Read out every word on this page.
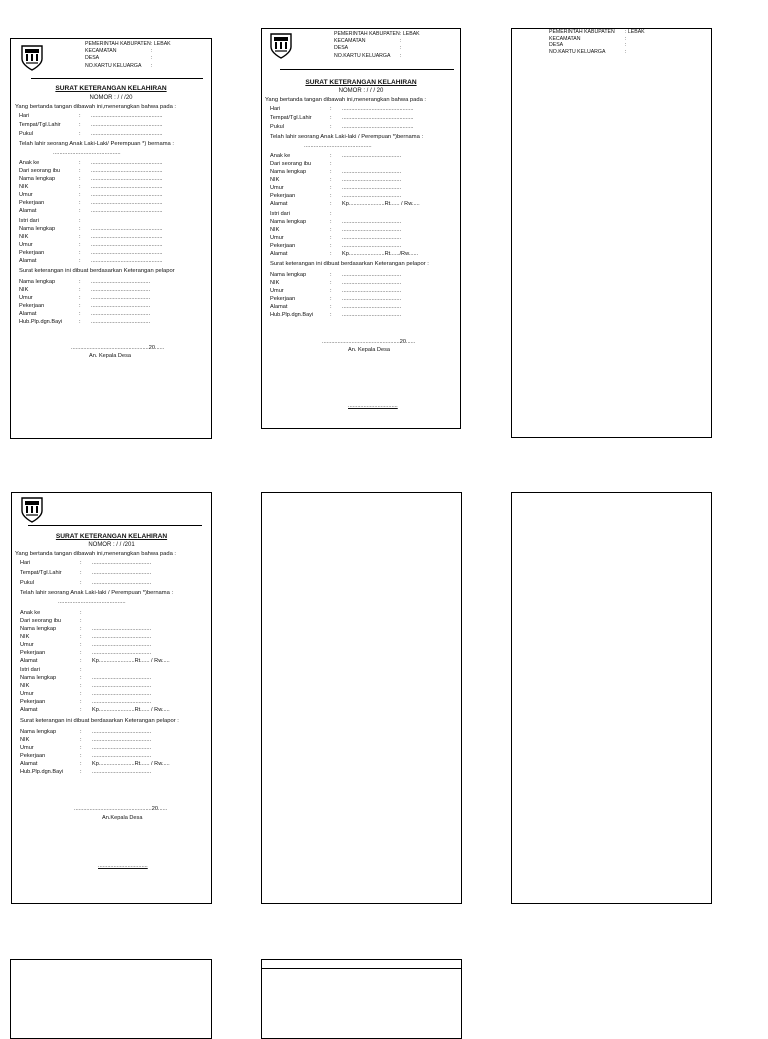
PEMERINTAH KABUPATEN : LEBAK
KECAMATAN	:
DESA	:
NO.KARTU KELUARGA	:
SURAT KETERANGAN KELAHIRAN
NOMOR : / / /20
Yang bertanda tangan dibawah ini,menerangkan bahwa pada :
Hari	:	..............................................
Tempat/Tgl.Lahir	:	..............................................
Pukul	:	..............................................
Telah lahir seorang Anak Laki-Laki/ Perempuan *) bernama :
..........................................
Anak ke	:	..............................................
Dari seorang ibu	:	..............................................
Nama lengkap	:	..............................................
NIK	:	..............................................
Umur	:	..............................................
Pekerjaan	:	..............................................
Alamat	:	..............................................
Istri dari	:
Nama lengkap	:	..............................................
NIK	:	..............................................
Umur	:	..............................................
Pekerjaan	:	..............................................
Alamat	:	..............................................
Surat keterangan ini dibuat berdasarkan Keterangan pelapor
Nama lengkap	:	......................................
NIK	:	......................................
Umur	:	......................................
Pekerjaan	:	......................................
Alamat	:	......................................
Hub.Plp.dgn.Bayi	:	......................................
..................................................20......
An. Kepala Desa
PEMERINTAH KABUPATEN : LEBAK
KECAMATAN	:
DESA	:
NO.KARTU KELUARGA	:
SURAT KETERANGAN KELAHIRAN
NOMOR : / / / 20
Yang bertanda tangan dibawah ini,menerangkan bahwa pada :
Hari	:	..............................................
Tempat/Tgl.Lahir	:	..............................................
Pukul	:	..............................................
Telah lahir seorang Anak Laki-laki / Perempuan *)bernama :
..........................................
Anak ke	:	......................................
Dari seorang ibu	:
Nama lengkap	:	......................................
NIK	:	......................................
Umur	:	......................................
Pekerjaan	:	......................................
Alamat	:	Kp.......................Rt...... / Rw.....
Istri dari	:
Nama lengkap	:	......................................
NIK	:	......................................
Umur	:	......................................
Pekerjaan	:	......................................
Alamat	:	Kp.......................Rt....../Rw......
Surat keterangan ini dibuat berdasarkan Keterangan pelapor :
Nama lengkap	:	......................................
NIK	:	......................................
Umur	:	......................................
Pekerjaan	:	......................................
Alamat	:	......................................
Hub.Plp.dgn.Bayi	:	......................................
..................................................20......
An. Kepala Desa
................................
PEMERINTAH KABUPATEN	: LEBAK
KECAMATAN	:
DESA	:
NO.KARTU KELUARGA	:
SURAT KETERANGAN KELAHIRAN
NOMOR : / / /201
Yang bertanda tangan dibawah ini,menerangkan bahwa pada :
Hari	:	......................................
Tempat/Tgl.Lahir	:	......................................
Pukul	:	......................................
Telah lahir seorang Anak Laki-laki / Perempuan *)bernama :
..........................................
Anak ke	:
Dari seorang ibu	:
Nama lengkap	:	......................................
NIK	:	......................................
Umur	:	......................................
Pekerjaan	:	......................................
Alamat	:	Kp.......................Rt...... / Rw.....
Istri dari	:
Nama lengkap	:	......................................
NIK	:	......................................
Umur	:	......................................
Pekerjaan	:	......................................
Alamat	:	Kp.......................Rt...... / Rw.....
Surat keterangan ini dibuat berdasarkan Keterangan pelapor :
Nama lengkap	:	......................................
NIK	:	......................................
Umur	:	......................................
Pekerjaan	:	......................................
Alamat	:	Kp.......................Rt...... / Rw.....
Hub.Plp.dgn.Bayi	:	......................................
..................................................20......
An.Kepala Desa
................................
